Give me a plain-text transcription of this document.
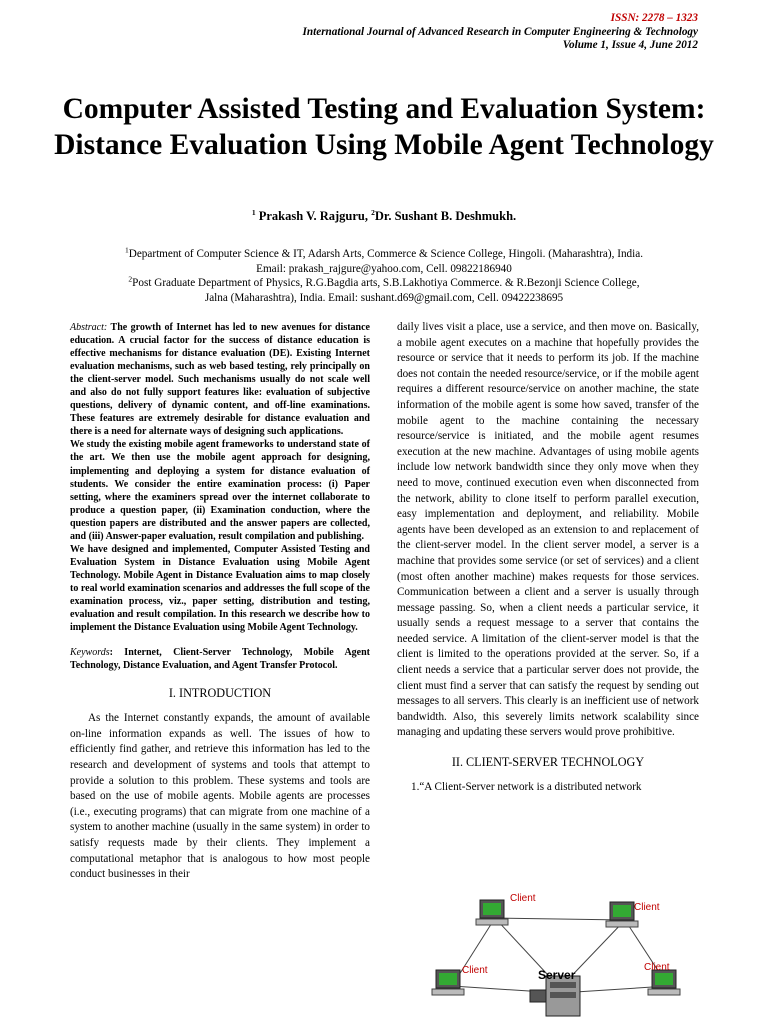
ISSN: 2278 – 1323
International Journal of Advanced Research in Computer Engineering & Technology
Volume 1, Issue 4, June 2012
Computer Assisted Testing and Evaluation System: Distance Evaluation Using Mobile Agent Technology
$^1$ Prakash V. Rajguru, $^2$Dr. Sushant B. Deshmukh.
$^1$Department of Computer Science & IT, Adarsh Arts, Commerce & Science College, Hingoli. (Maharashtra), India.
Email: prakash_rajgure@yahoo.com, Cell. 09822186940
$^2$Post Graduate Department of Physics, R.G.Bagdia arts, S.B.Lakhotiya Commerce. & R.Bezonji Science College,
Jalna (Maharashtra), India. Email: sushant.d69@gmail.com, Cell. 09422238695

Abstract: The growth of Internet has led to new avenues for distance education. A crucial factor for the success of distance education is effective mechanisms for distance evaluation (DE). Existing Internet evaluation mechanisms, such as web based testing, rely principally on the client-server model. Such mechanisms usually do not scale well and also do not fully support features like: evaluation of subjective questions, delivery of dynamic content, and off-line examinations. These features are extremely desirable for distance evaluation and there is a need for alternate ways of designing such applications.

We study the existing mobile agent frameworks to understand state of the art. We then use the mobile agent approach for designing, implementing and deploying a system for distance evaluation of students. We consider the entire examination process: (i) Paper setting, where the examiners spread over the internet collaborate to produce a question paper, (ii) Examination conduction, where the question papers are distributed and the answer papers are collected, and (iii) Answer-paper evaluation, result compilation and publishing.

We have designed and implemented, Computer Assisted Testing and Evaluation System in Distance Evaluation using Mobile Agent Technology. Mobile Agent in Distance Evaluation aims to map closely to real world examination scenarios and addresses the full scope of the examination process, viz., paper setting, distribution and testing, evaluation and result compilation. In this research we describe how to implement the Distance Evaluation using Mobile Agent Technology.

Keywords: Internet, Client-Server Technology, Mobile Agent Technology, Distance Evaluation, and Agent Transfer Protocol.

I. INTRODUCTION

As the Internet constantly expands, the amount of available on-line information expands as well. The issues of how to efficiently find gather, and retrieve this information has led to the research and development of systems and tools that attempt to provide a solution to this problem. These systems and tools are based on the use of mobile agents. Mobile agents are processes (i.e., executing programs) that can migrate from one machine of a system to another machine (usually in the same system) in order to satisfy requests made by their clients. They implement a computational metaphor that is analogous to how most people conduct businesses in their

daily lives visit a place, use a service, and then move on. Basically, a mobile agent executes on a machine that hopefully provides the resource or service that it needs to perform its job. If the machine does not contain the needed resource/service, or if the mobile agent requires a different resource/service on another machine, the state information of the mobile agent is some how saved, transfer of the mobile agent to the machine containing the necessary resource/service is initiated, and the mobile agent resumes execution at the new machine. Advantages of using mobile agents include low network bandwidth since they only move when they need to move, continued execution even when disconnected from the network, ability to clone itself to perform parallel execution, easy implementation and deployment, and reliability. Mobile agents have been developed as an extension to and replacement of the client-server model. In the client server model, a server is a machine that provides some service (or set of services) and a client (most often another machine) makes requests for those services. Communication between a client and a server is usually through message passing. So, when a client needs a particular service, it usually sends a request message to a server that contains the needed service. A limitation of the client-server model is that the client is limited to the operations provided at the server. So, if a client needs a service that a particular server does not provide, the client must find a server that can satisfy the request by sending out messages to all servers. This clearly is an inefficient use of network bandwidth. Also, this severely limits network scalability since managing and updating these servers would prove prohibitive.

II. CLIENT-SERVER TECHNOLOGY

1.“A Client-Server network is a distributed network

Client
Client
Client	Server
Client
